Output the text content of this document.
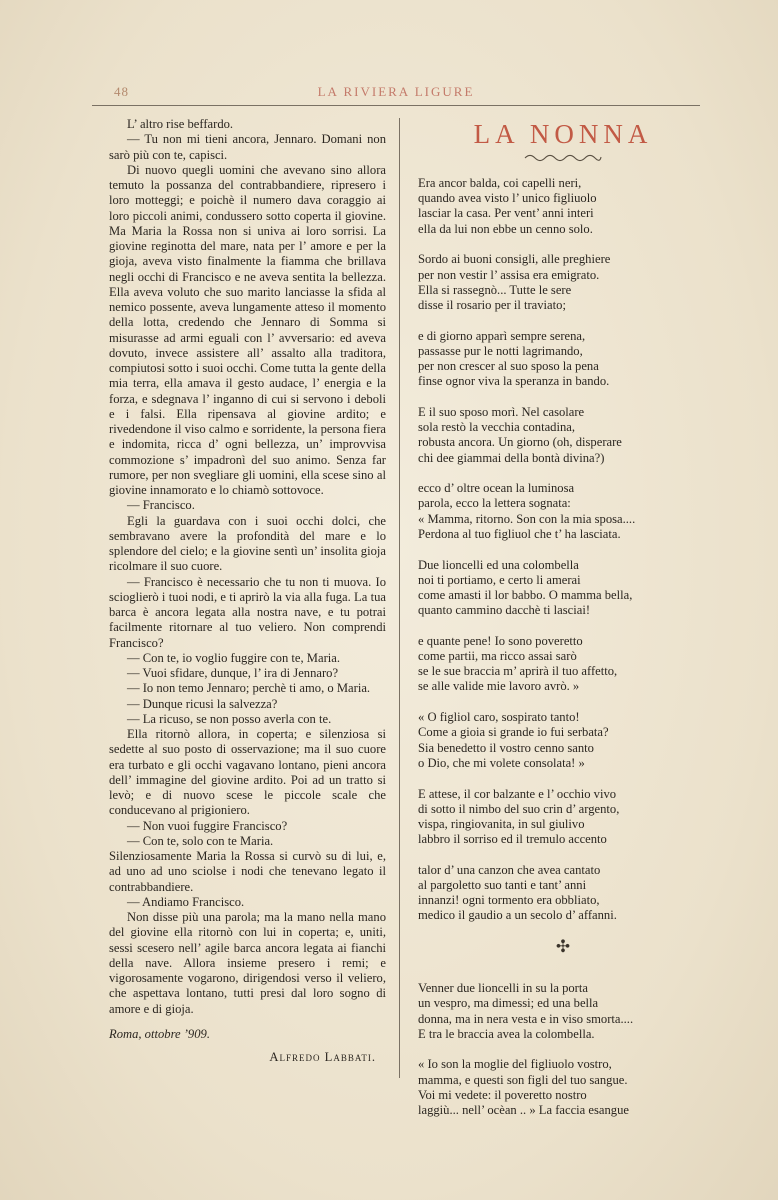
48	LA RIVIERA LIGURE

L’ altro rise beffardo.

— Tu non mi tieni ancora, Jennaro. Domani non sarò più con te, capisci.

Di nuovo quegli uomini che avevano sino allora temuto la possanza del contrabbandiere, ripresero i loro motteggi; e poichè il numero dava coraggio ai loro piccoli animi, condussero sotto coperta il giovine. Ma Maria la Rossa non si univa ai loro sorrisi. La giovine reginotta del mare, nata per l’ amore e per la gioja, aveva visto finalmente la fiamma che brillava negli occhi di Francisco e ne aveva sentita la bellezza. Ella aveva voluto che suo marito lanciasse la sfida al nemico possente, aveva lungamente atteso il momento della lotta, credendo che Jennaro di Somma si misurasse ad armi eguali con l’ avversario: ed aveva dovuto, invece assistere all’ assalto alla traditora, compiutosi sotto i suoi occhi. Come tutta la gente della mia terra, ella amava il gesto audace, l’ energia e la forza, e sdegnava l’ inganno di cui si servono i deboli e i falsi. Ella ripensava al giovine ardito; e rivedendone il viso calmo e sorridente, la persona fiera e indomita, ricca d’ ogni bellezza, un’ improvvisa commozione s’ impadronì del suo animo. Senza far rumore, per non svegliare gli uomini, ella scese sino al giovine innamorato e lo chiamò sottovoce.

— Francisco.

Egli la guardava con i suoi occhi dolci, che sembravano avere la profondità del mare e lo splendore del cielo; e la giovine sentì un’ insolita gioja ricolmare il suo cuore.

— Francisco è necessario che tu non ti muova. Io scioglierò i tuoi nodi, e ti aprirò la via alla fuga. La tua barca è ancora legata alla nostra nave, e tu potrai facilmente ritornare al tuo veliero. Non comprendi Francisco?

— Con te, io voglio fuggire con te, Maria.

— Vuoi sfidare, dunque, l’ ira di Jennaro?

— Io non temo Jennaro; perchè ti amo, o Maria.

— Dunque ricusi la salvezza?

— La ricuso, se non posso averla con te.

Ella ritornò allora, in coperta; e silenziosa si sedette al suo posto di osservazione; ma il suo cuore era turbato e gli occhi vagavano lontano, pieni ancora dell’ immagine del giovine ardito. Poi ad un tratto si levò; e di nuovo scese le piccole scale che conducevano al prigioniero.

— Non vuoi fuggire Francisco?

— Con te, solo con te Maria.

Silenziosamente Maria la Rossa si curvò su di lui, e, ad uno ad uno sciolse i nodi che tenevano legato il contrabbandiere.

— Andiamo Francisco.

Non disse più una parola; ma la mano nella mano del giovine ella ritornò con lui in coperta; e, uniti, sessi scesero nell’ agile barca ancora legata ai fianchi della nave. Allora insieme presero i remi; e vigorosamente vogarono, dirigendosi verso il veliero, che aspettava lontano, tutti presi dal loro sogno di amore e di gioja.

Roma, ottobre ’909.

Alfredo Labbati.

LA NONNA
Era ancor balda, coi capelli neri,
quando avea visto l’ unico figliuolo
lasciar la casa. Per vent’ anni interi
ella da lui non ebbe un cenno solo.
Sordo ai buoni consigli, alle preghiere
per non vestir l’ assisa era emigrato.
Ella si rassegnò... Tutte le sere
disse il rosario per il traviato;
e di giorno apparì sempre serena,
passasse pur le notti lagrimando,
per non crescer al suo sposo la pena
finse ognor viva la speranza in bando.
E il suo sposo morì. Nel casolare
sola restò la vecchia contadina,
robusta ancora. Un giorno (oh, disperare
chi dee giammai della bontà divina?)
ecco d’ oltre ocean la luminosa
parola, ecco la lettera sognata:
« Mamma, ritorno. Son con la mia sposa....
Perdona al tuo figliuol che t’ ha lasciata.
Due lioncelli ed una colombella
noi ti portiamo, e certo li amerai
come amasti il lor babbo. O mamma bella,
quanto cammino dacchè ti lasciai!
e quante pene! Io sono poveretto
come partii, ma ricco assai sarò
se le sue braccia m’ aprirà il tuo affetto,
se alle valide mie lavoro avrò. »
« O figliol caro, sospirato tanto!
Come a gioia si grande io fui serbata?
Sia benedetto il vostro cenno santo
o Dio, che mi volete consolata! »
E attese, il cor balzante e l’ occhio vivo
di sotto il nimbo del suo crin d’ argento,
vispa, ringiovanita, in sul giulivo
labbro il sorriso ed il tremulo accento
talor d’ una canzon che avea cantato
al pargoletto suo tanti e tant’ anni
innanzi! ogni tormento era obbliato,
medico il gaudio a un secolo d’ affanni.
✣
Venner due lioncelli in su la porta
un vespro, ma dimessi; ed una bella
donna, ma in nera vesta e in viso smorta....
E tra le braccia avea la colombella.
« Io son la moglie del figliuolo vostro,
mamma, e questi son figli del tuo sangue.
Voi mi vedete: il poveretto nostro
laggiù... nell’ ocèan .. » La faccia esangue
